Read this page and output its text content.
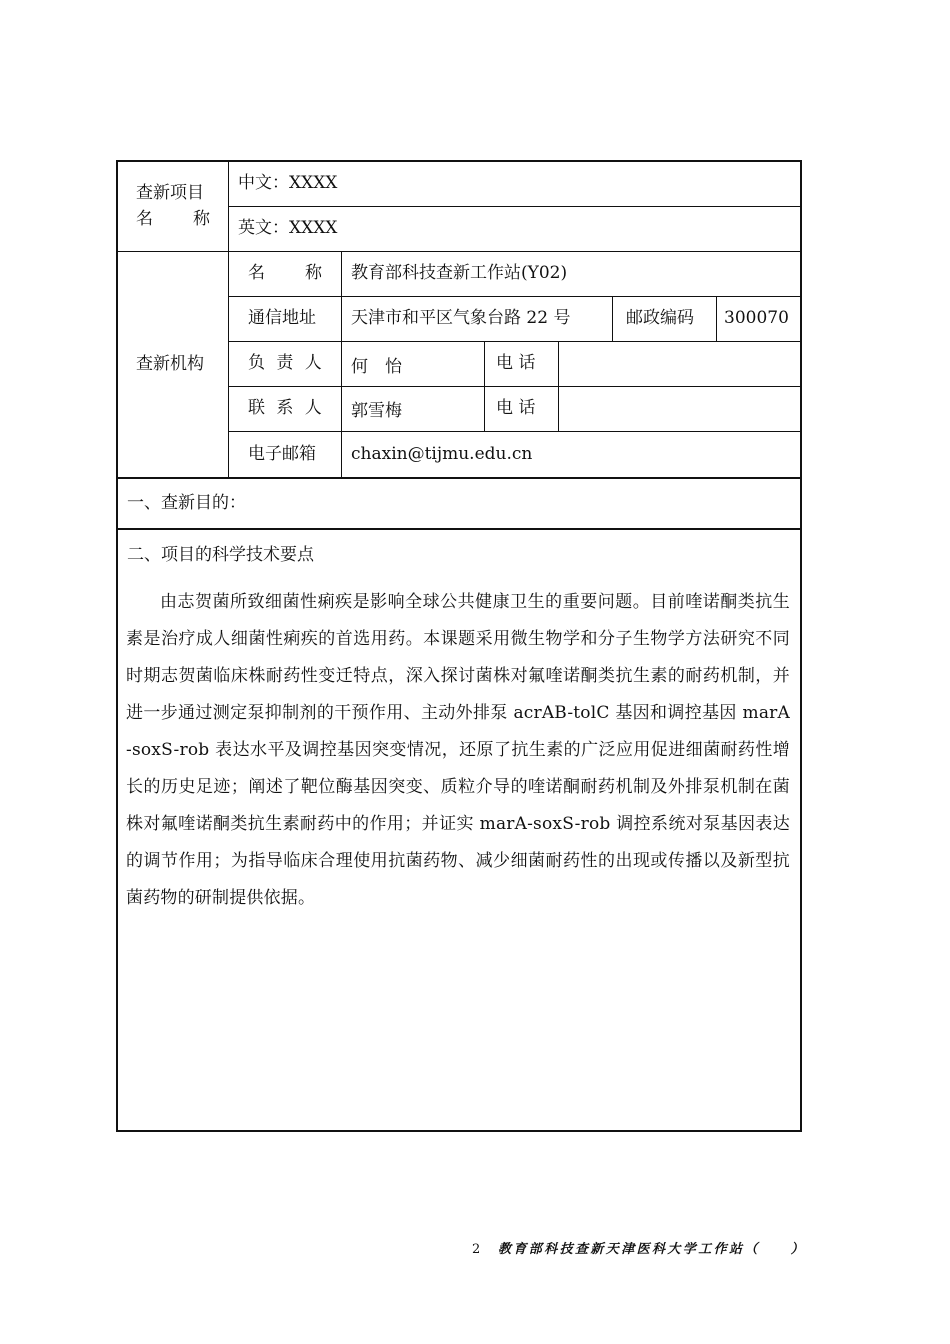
查新项目
名 称
中文：XXXX
英文：XXXX
查新机构
名 称 教育部科技查新工作站(Y02)
通信地址 天津市和平区气象台路 22 号	邮政编码 300070
负 责 人 何　怡	电 话
联 系 人 郭雪梅	电 话
电子邮箱 chaxin@tijmu.edu.cn
一、查新目的：
二、项目的科学技术要点
由志贺菌所致细菌性痢疾是影响全球公共健康卫生的重要问题。目前喹诺酮类抗生素是治疗成人细菌性痢疾的首选用药。本课题采用微生物学和分子生物学方法研究不同时期志贺菌临床株耐药性变迁特点，深入探讨菌株对氟喹诺酮类抗生素的耐药机制，并进一步通过测定泵抑制剂的干预作用、主动外排泵 acrAB-tolC 基因和调控基因 marA-soxS-rob 表达水平及调控基因突变情况，还原了抗生素的广泛应用促进细菌耐药性增长的历史足迹；阐述了靶位酶基因突变、质粒介导的喹诺酮耐药机制及外排泵机制在菌株对氟喹诺酮类抗生素耐药中的作用；并证实 marA-soxS-rob 调控系统对泵基因表达的调节作用；为指导临床合理使用抗菌药物、减少细菌耐药性的出现或传播以及新型抗菌药物的研制提供依据。
2 教育部科技查新天津医科大学工作站（　　）
